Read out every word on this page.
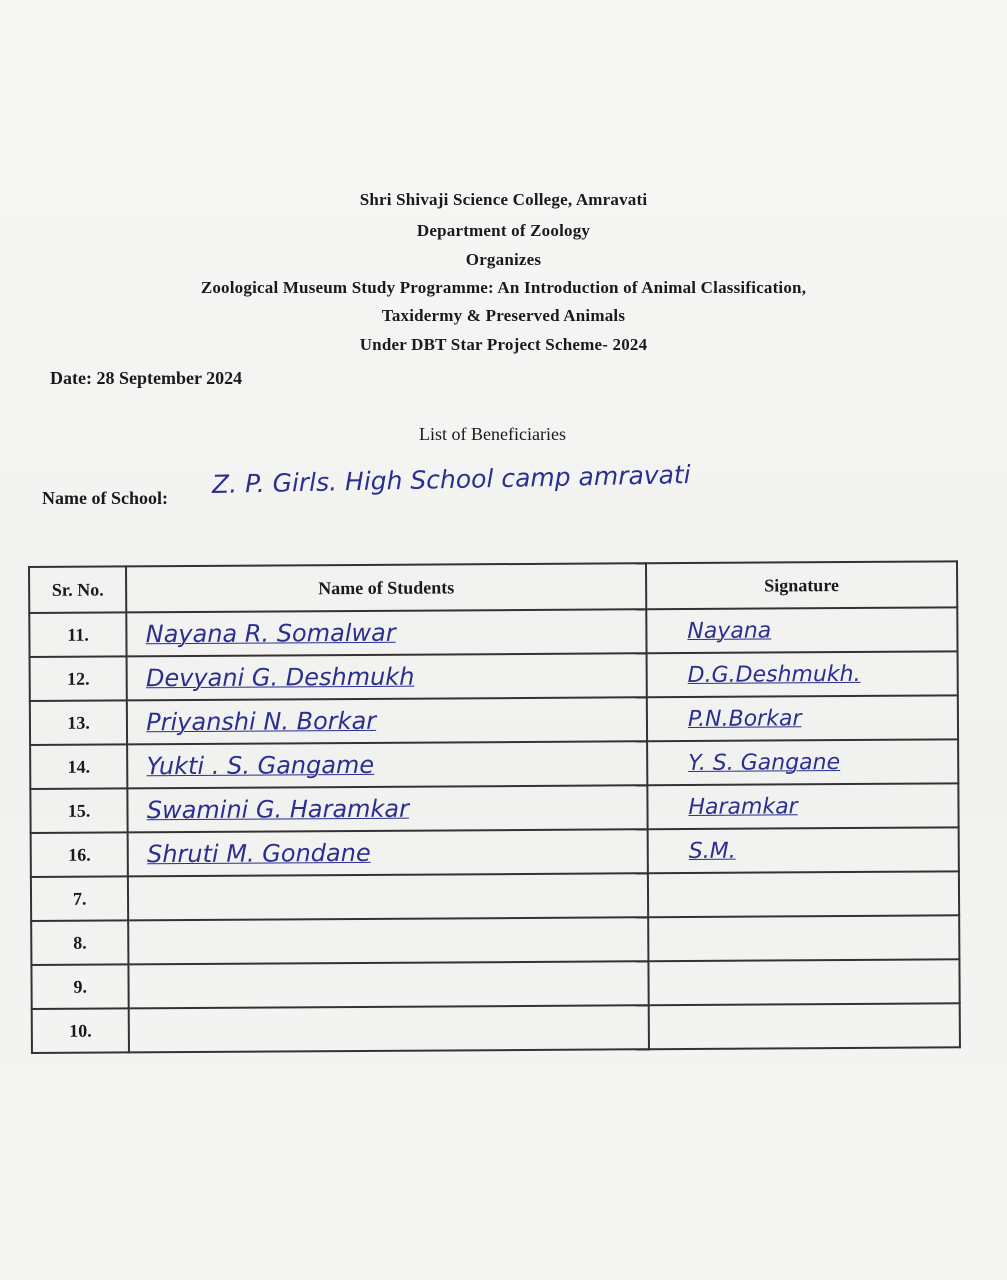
Shri Shivaji Science College, Amravati
Department of Zoology
Organizes
Zoological Museum Study Programme: An Introduction of Animal Classification,
Taxidermy & Preserved Animals
Under DBT Star Project Scheme- 2024
Date: 28 September 2024
List of Beneficiaries
Name of School: Z. P. Girls. High School camp amravati
Sr. No.	Name of Students	Signature
11.	Nayana R. Somalwar	Nayana
12.	Devyani G. Deshmukh	D.G.Deshmukh.
13.	Priyanshi N. Borkar	P.N.Borkar
14.	Yukti . S. Gangame	Y. S. Gangane
15.	Swamini G. Haramkar	Haramkar
16.	Shruti M. Gondane	S.M.
7.		
8.		
9.		
10.		
